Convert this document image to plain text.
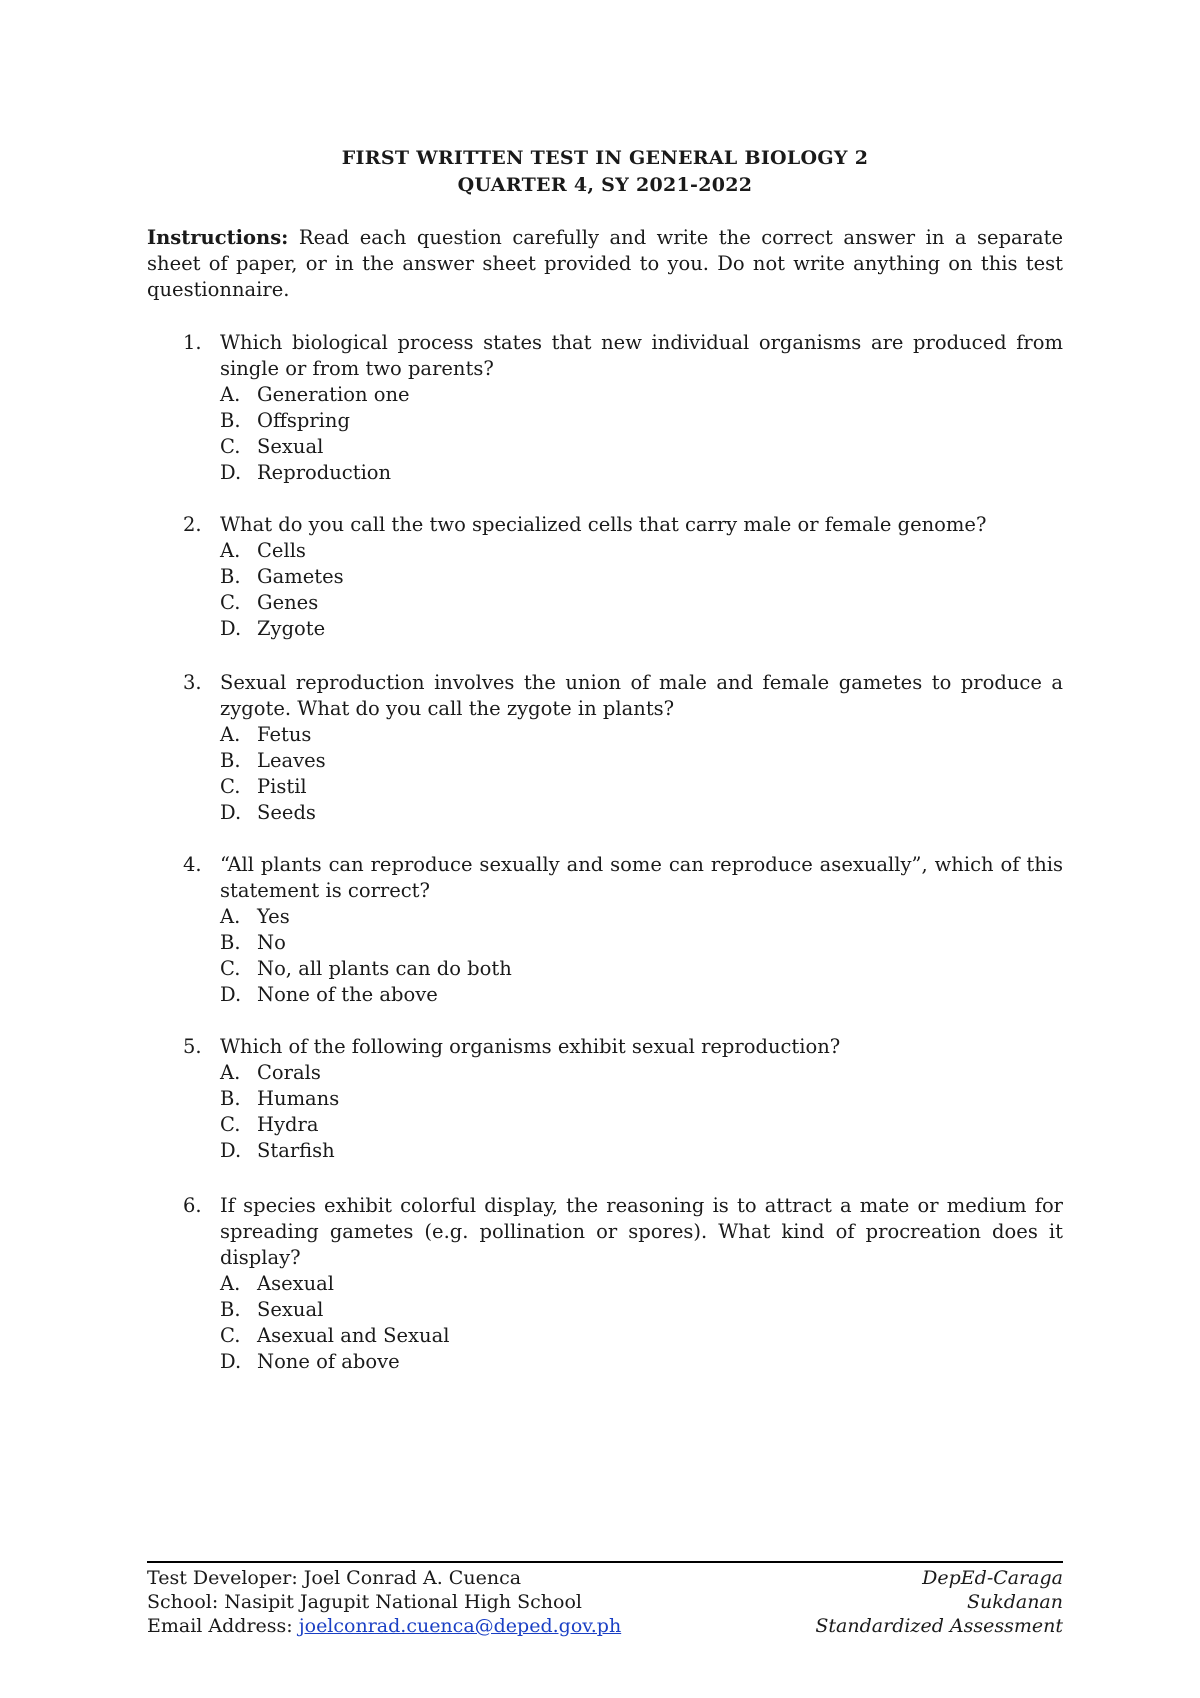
FIRST WRITTEN TEST IN GENERAL BIOLOGY 2
QUARTER 4, SY 2021-2022
Instructions: Read each question carefully and write the correct answer in a separate sheet of paper, or in the answer sheet provided to you. Do not write anything on this test questionnaire.
1. Which biological process states that new individual organisms are produced from single or from two parents?
A. Generation one
B. Offspring
C. Sexual
D. Reproduction
2. What do you call the two specialized cells that carry male or female genome?
A. Cells
B. Gametes
C. Genes
D. Zygote
3. Sexual reproduction involves the union of male and female gametes to produce a zygote. What do you call the zygote in plants?
A. Fetus
B. Leaves
C. Pistil
D. Seeds
4. “All plants can reproduce sexually and some can reproduce asexually”, which of this statement is correct?
A. Yes
B. No
C. No, all plants can do both
D. None of the above
5. Which of the following organisms exhibit sexual reproduction?
A. Corals
B. Humans
C. Hydra
D. Starfish
6. If species exhibit colorful display, the reasoning is to attract a mate or medium for spreading gametes (e.g. pollination or spores). What kind of procreation does it display?
A. Asexual
B. Sexual
C. Asexual and Sexual
D. None of above
Test Developer: Joel Conrad A. Cuenca	DepEd-Caraga
School: Nasipit Jagupit National High School	Sukdanan
Email Address: joelconrad.cuenca@deped.gov.ph	Standardized Assessment
